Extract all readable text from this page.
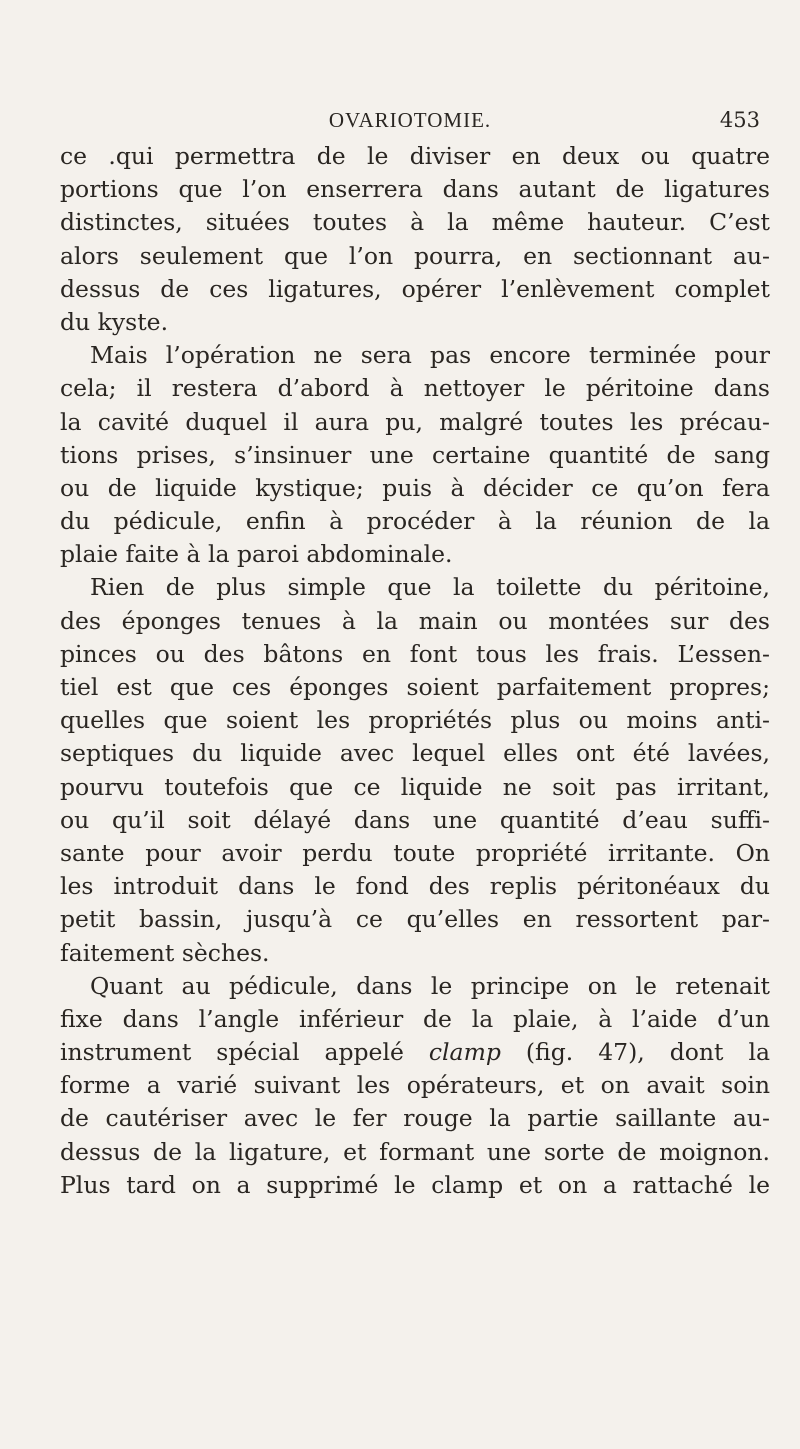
OVARIOTOMIE.	453
ce .qui permettra de le diviser en deux ou quatre
portions que l’on enserrera dans autant de ligatures
distinctes, situées toutes à la même hauteur. C’est
alors seulement que l’on pourra, en sectionnant au-
dessus de ces ligatures, opérer l’enlèvement complet
du kyste.
Mais l’opération ne sera pas encore terminée pour
cela; il restera d’abord à nettoyer le péritoine dans
la cavité duquel il aura pu, malgré toutes les précau-
tions prises, s’insinuer une certaine quantité de sang
ou de liquide kystique; puis à décider ce qu’on fera
du pédicule, enfin à procéder à la réunion de la
plaie faite à la paroi abdominale.
Rien de plus simple que la toilette du péritoine,
des éponges tenues à la main ou montées sur des
pinces ou des bâtons en font tous les frais. L’essen-
tiel est que ces éponges soient parfaitement propres;
quelles que soient les propriétés plus ou moins anti-
septiques du liquide avec lequel elles ont été lavées,
pourvu toutefois que ce liquide ne soit pas irritant,
ou qu’il soit délayé dans une quantité d’eau suffi-
sante pour avoir perdu toute propriété irritante. On
les introduit dans le fond des replis péritonéaux du
petit bassin, jusqu’à ce qu’elles en ressortent par-
faitement sèches.
Quant au pédicule, dans le principe on le retenait
fixe dans l’angle inférieur de la plaie, à l’aide d’un
instrument spécial appelé clamp (fig. 47), dont la
forme a varié suivant les opérateurs, et on avait soin
de cautériser avec le fer rouge la partie saillante au-
dessus de la ligature, et formant une sorte de moignon.
Plus tard on a supprimé le clamp et on a rattaché le
